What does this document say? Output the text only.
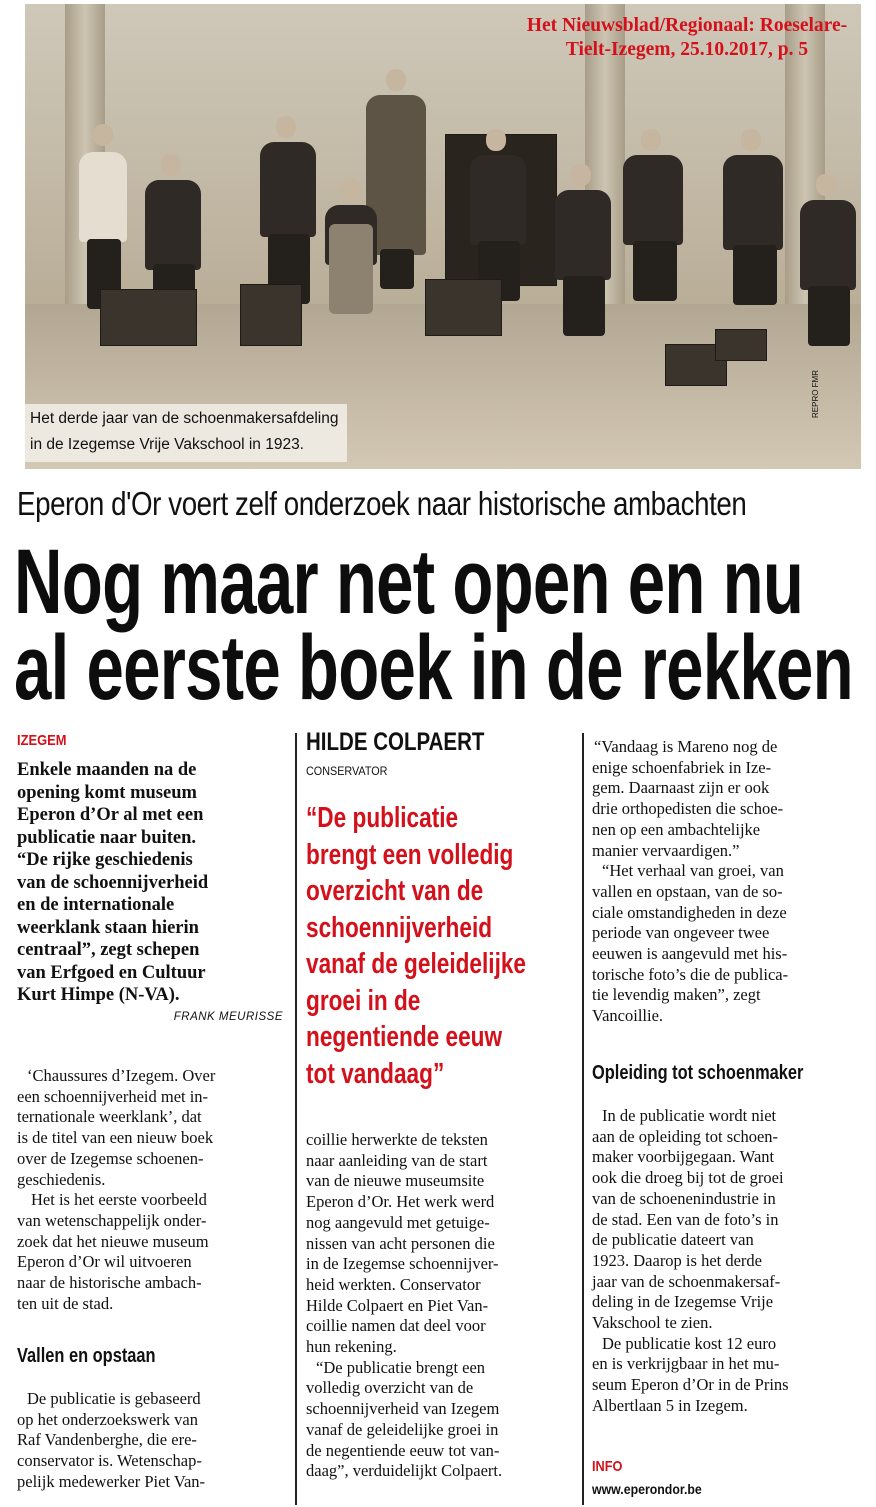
Het Nieuwsblad/Regionaal: Roeselare-
Tielt-Izegem, 25.10.2017, p. 5
Het derde jaar van de schoenmakersafdeling
in de Izegemse Vrije Vakschool in 1923.
REPRO FMR
Eperon d'Or voert zelf onderzoek naar historische ambachten
Nog maar net open en nu
al eerste boek in de rekken
IZEGEM
Enkele maanden na de
opening komt museum
Eperon d’Or al met een
publicatie naar buiten.
“De rijke geschiedenis
van de schoennijverheid
en de internationale
weerklank staan hierin
centraal”, zegt schepen
van Erfgoed en Cultuur
Kurt Himpe (N-VA).
FRANK MEURISSE
‘Chaussures d’Izegem. Over
een schoennijverheid met in-
ternationale weerklank’, dat
is de titel van een nieuw boek
over de Izegemse schoenen-
geschiedenis.
Het is het eerste voorbeeld
van wetenschappelijk onder-
zoek dat het nieuwe museum
Eperon d’Or wil uitvoeren
naar de historische ambach-
ten uit de stad.
Vallen en opstaan
De publicatie is gebaseerd
op het onderzoekswerk van
Raf Vandenberghe, die ere-
conservator is. Wetenschap-
pelijk medewerker Piet Van-
HILDE COLPAERT
CONSERVATOR
“De publicatie
brengt een volledig
overzicht van de
schoennijverheid
vanaf de geleidelijke
groei in de
negentiende eeuw
tot vandaag”
coillie herwerkte de teksten
naar aanleiding van de start
van de nieuwe museumsite
Eperon d’Or. Het werk werd
nog aangevuld met getuige-
nissen van acht personen die
in de Izegemse schoennijver-
heid werkten. Conservator
Hilde Colpaert en Piet Van-
coillie namen dat deel voor
hun rekening.
“De publicatie brengt een
volledig overzicht van de
schoennijverheid van Izegem
vanaf de geleidelijke groei in
de negentiende eeuw tot van-
daag”, verduidelijkt Colpaert.
“Vandaag is Mareno nog de
enige schoenfabriek in Ize-
gem. Daarnaast zijn er ook
drie orthopedisten die schoe-
nen op een ambachtelijke
manier vervaardigen.”
“Het verhaal van groei, van
vallen en opstaan, van de so-
ciale omstandigheden in deze
periode van ongeveer twee
eeuwen is aangevuld met his-
torische foto’s die de publica-
tie levendig maken”, zegt
Vancoillie.
Opleiding tot schoenmaker
In de publicatie wordt niet
aan de opleiding tot schoen-
maker voorbijgegaan. Want
ook die droeg bij tot de groei
van de schoenenindustrie in
de stad. Een van de foto’s in
de publicatie dateert van
1923. Daarop is het derde
jaar van de schoenmakersaf-
deling in de Izegemse Vrije
Vakschool te zien.
De publicatie kost 12 euro
en is verkrijgbaar in het mu-
seum Eperon d’Or in de Prins
Albertlaan 5 in Izegem.
INFO
www.eperondor.be
